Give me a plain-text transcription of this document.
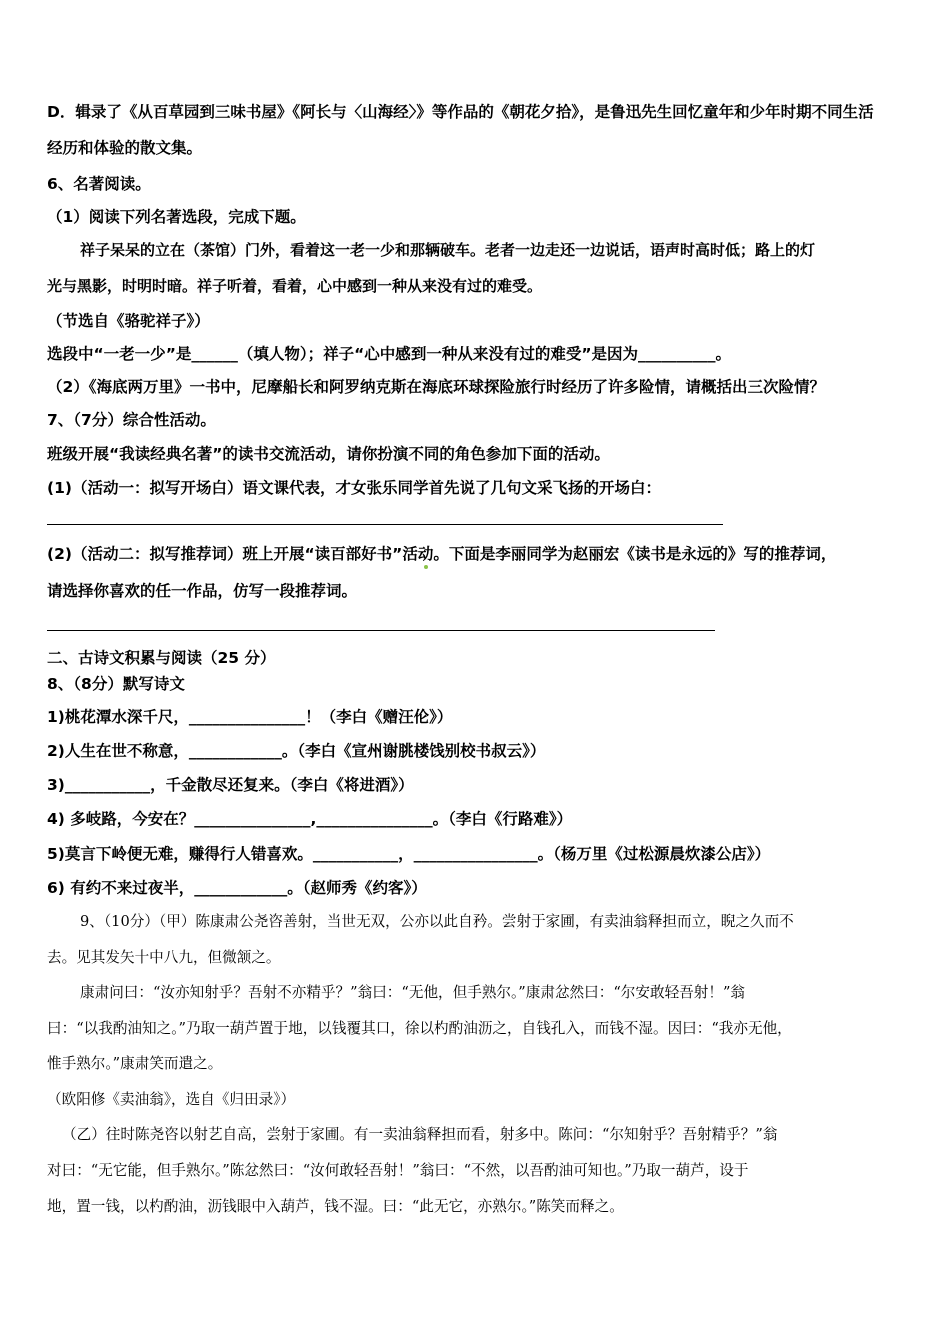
D．辑录了《从百草园到三味书屋》《阿长与〈山海经〉》等作品的《朝花夕拾》，是鲁迅先生回忆童年和少年时期不同生活
经历和体验的散文集。
6、名著阅读。
（1）阅读下列名著选段，完成下题。
祥子呆呆的立在（茶馆）门外，看着这一老一少和那辆破车。老者一边走还一边说话，语声时高时低；路上的灯
光与黑影，时明时暗。祥子听着，看着，心中感到一种从来没有过的难受。
（节选自《骆驼祥子》）
选段中“一老一少”是______（填人物）；祥子“心中感到一种从来没有过的难受”是因为__________。
（2）《海底两万里》一书中，尼摩船长和阿罗纳克斯在海底环球探险旅行时经历了许多险情，请概括出三次险情？
7、（7分）综合性活动。
班级开展“我读经典名著”的读书交流活动，请你扮演不同的角色参加下面的活动。
(1)（活动一：拟写开场白）语文课代表，才女张乐同学首先说了几句文采飞扬的开场白：
(2)（活动二：拟写推荐词）班上开展“读百部好书”活动。下面是李丽同学为赵丽宏《读书是永远的》写的推荐词，
请选择你喜欢的任一作品，仿写一段推荐词。
二、古诗文积累与阅读（25 分）
8、（8分）默写诗文
1)桃花潭水深千尺，_______________！（李白《赠汪伦》）
2)人生在世不称意，____________。（李白《宣州谢朓楼饯别校书叔云》）
3)___________，千金散尽还复来。（李白《将进酒》）
4) 多岐路，今安在？_______________,_______________。（李白《行路难》）
5)莫言下岭便无难，赚得行人错喜欢。___________，________________。（杨万里《过松源晨炊漆公店》）
6) 有约不来过夜半，____________。（赵师秀《约客》）
9、（10分）（甲）陈康肃公尧咨善射，当世无双，公亦以此自矜。尝射于家圃，有卖油翁释担而立，睨之久而不
去。见其发矢十中八九，但微颔之。
康肃问曰：“汝亦知射乎？吾射不亦精乎？”翁曰：“无他，但手熟尔。”康肃忿然曰：“尔安敢轻吾射！”翁
曰：“以我酌油知之。”乃取一葫芦置于地，以钱覆其口，徐以杓酌油沥之，自钱孔入，而钱不湿。因曰：“我亦无他，
惟手熟尔。”康肃笑而遣之。
（欧阳修《卖油翁》，选自《归田录》）
（乙）往时陈尧咨以射艺自高，尝射于家圃。有一卖油翁释担而看，射多中。陈问：“尔知射乎？吾射精乎？”翁
对曰：“无它能，但手熟尔。”陈忿然曰：“汝何敢轻吾射！”翁曰：“不然，以吾酌油可知也。”乃取一葫芦，设于
地，置一钱，以杓酌油，沥钱眼中入葫芦，钱不湿。曰：“此无它，亦熟尔。”陈笑而释之。
